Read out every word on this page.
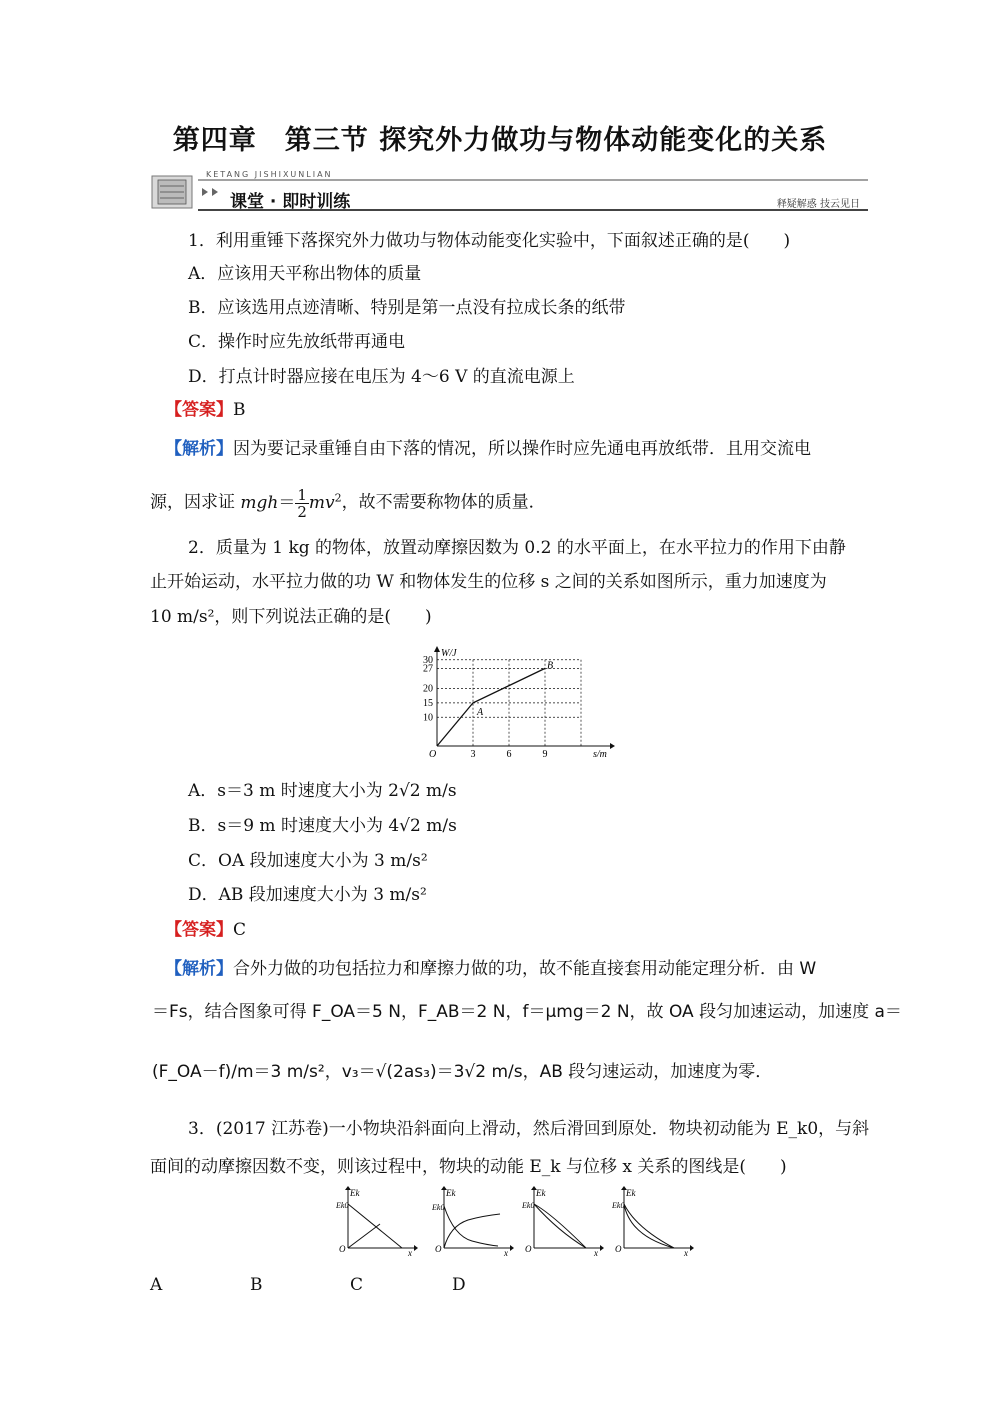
第四章　第三节 探究外力做功与物体动能变化的关系
KETANG JISHIXUNLIAN
课堂 · 即时训练	释疑解惑 技云见日
1．利用重锤下落探究外力做功与物体动能变化实验中，下面叙述正确的是(　　)
A．应该用天平称出物体的质量
B．应该选用点迹清晰、特别是第一点没有拉成长条的纸带
C．操作时应先放纸带再通电
D．打点计时器应接在电压为 4～6 V 的直流电源上
【答案】B
【解析】因为要记录重锤自由下落的情况，所以操作时应先通电再放纸带．且用交流电
源，因求证 $mgh= \frac{1}{2} mv^2$，故不需要称物体的质量．
2．质量为 1 kg 的物体，放置动摩擦因数为 0.2 的水平面上，在水平拉力的作用下由静
止开始运动，水平拉力做的功 W 和物体发生的位移 s 之间的关系如图所示，重力加速度为
10 m/s²，则下列说法正确的是(　　)
10
15
20
27
30
3	6	9
O
A
B
W/J
s/m
A．s＝3 m 时速度大小为 2√2 m/s
B．s＝9 m 时速度大小为 4√2 m/s
C．OA 段加速度大小为 3 m/s²
D．AB 段加速度大小为 3 m/s²
【答案】C
【解析】合外力做的功包括拉力和摩擦力做的功，故不能直接套用动能定理分析．由 W
＝Fs，结合图象可得 F_OA＝5 N，F_AB＝2 N，f＝μmg＝2 N，故 OA 段匀加速运动，加速度 a＝
(F_OA－f)/m＝3 m/s²，v₃＝√(2as₃)＝3√2 m/s，AB 段匀速运动，加速度为零．
3．(2017 江苏卷)一小物块沿斜面向上滑动，然后滑回到原处．物块初动能为 E_k0，与斜
面间的动摩擦因数不变，则该过程中，物块的动能 E_k 与位移 x 关系的图线是(　　)
Ek
Ek0
O	x
Ek
Ek0
O	x
Ek
Ek0
O	x
Ek
Ek0
O	x
A	B	C	D
